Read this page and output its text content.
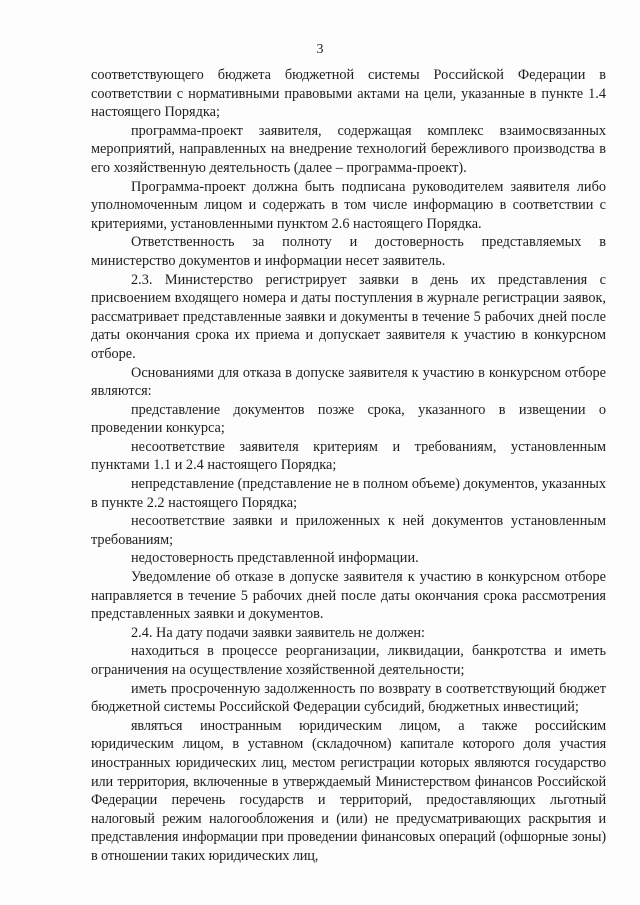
3

соответствующего бюджета бюджетной системы Российской Федерации в соответствии с нормативными правовыми актами на цели, указанные в пункте 1.4 настоящего Порядка;

программа-проект заявителя, содержащая комплекс взаимосвязанных мероприятий, направленных на внедрение технологий бережливого производства в его хозяйственную деятельность (далее – программа-проект).

Программа-проект должна быть подписана руководителем заявителя либо уполномоченным лицом и содержать в том числе информацию в соответствии с критериями, установленными пунктом 2.6 настоящего Порядка.

Ответственность за полноту и достоверность представляемых в министерство документов и информации несет заявитель.

2.3. Министерство регистрирует заявки в день их представления с присвоением входящего номера и даты поступления в журнале регистрации заявок, рассматривает представленные заявки и документы в течение 5 рабочих дней после даты окончания срока их приема и допускает заявителя к участию в конкурсном отборе.

Основаниями для отказа в допуске заявителя к участию в конкурсном отборе являются:

представление документов позже срока, указанного в извещении о проведении конкурса;

несоответствие заявителя критериям и требованиям, установленным пунктами 1.1 и 2.4 настоящего Порядка;

непредставление (представление не в полном объеме) документов, указанных в пункте 2.2 настоящего Порядка;

несоответствие заявки и приложенных к ней документов установленным требованиям;

недостоверность представленной информации.

Уведомление об отказе в допуске заявителя к участию в конкурсном отборе направляется в течение 5 рабочих дней после даты окончания срока рассмотрения представленных заявки и документов.

2.4. На дату подачи заявки заявитель не должен:

находиться в процессе реорганизации, ликвидации, банкротства и иметь ограничения на осуществление хозяйственной деятельности;

иметь просроченную задолженность по возврату в соответствующий бюджет бюджетной системы Российской Федерации субсидий, бюджетных инвестиций;

являться иностранным юридическим лицом, а также российским юридическим лицом, в уставном (складочном) капитале которого доля участия иностранных юридических лиц, местом регистрации которых являются государство или территория, включенные в утверждаемый Министерством финансов Российской Федерации перечень государств и территорий, предоставляющих льготный налоговый режим налогообложения и (или) не предусматривающих раскрытия и представления информации при проведении финансовых операций (офшорные зоны) в отношении таких юридических лиц,
